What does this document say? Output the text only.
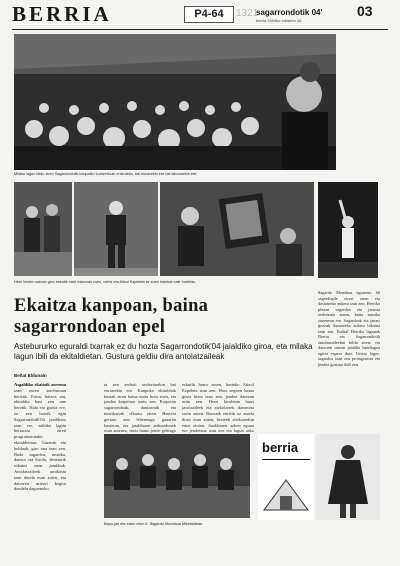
BERRIA	P4-64	1321
sagarrondotik 04'
berria 2004ko irailaren 16
03
Milaka lagun bildu ziren Sagarrondotik kanpaiko kontzertuak entzuteko, bai euriarekin ere bai lainoarekin ere.
Herri kirolen saioan gizo eskutik harri eskuratu zuen, nahiz eta Aitzol Ezpeleta ez zuen hainbat zale hurbildu.
Ekaitza kanpoan, baina sagarrondoan epel
Astebururko eguraldi txarrak ez du hozta Sagarrondotik'04 jaialdiko giroa, eta milaka lagun ibili da ekitaldietan. Gustura geldiu dira antolatzaileak
Sagardo Mondaua egunean, 60 sagardogile etorri ziren eta dastatzeko aukera izan zen. Herriko plazan sagardoa eta janaria zerbitzatu zuten, baita musika zuzenean ere. Sagardoak eta janari gozoak dastatzeko aukera bikaina izan zen. Euskal Herriko lagunak Berria eta Sagarrondotik antolatzaileekin bildu ziren; eta datorren urtean jaialdia handiagoa egitea espero dute. Urtero legez, sagardoa izan zen protagonista eta jendea gustura ibili zen.
Beñat Eldunain
Asgaldiko ekaitzik zorrena izan zuten asteburuan herriak. Euria, haizea eta, ekitaldia hasi zen une beretik. Hala eta guztiz ere, ez zen hotzik egin Sagarrondotik'04 jaialdian; izan ere, milaka lagun bertaratu ziren programatutako ekitaldietara. Gazteak eta helduak, giro ona izan zen. Bada sagardoa, musika, dantza eta kirola, denetarik eskaini zuen jaialdiak. Antolatzaileek arrakasta izan dutela esan zuten, eta datorren urteari begira daudela dagoeneko.
ta zen zerbait ondoriarekin bai euriarekin ere. Kanpoko ekitaldiak hasiak ziren baina euria bota zuen, eta jendea karpetara sartu zen. Karpetan sagarrondoak, dantzariak eta musikariak elkartu ziren. Hasiera gertatu zen lehenengo gauaren hasieran, eta jaialdiaren arduradunek esan zutenez, inoiz baino jende gehiago
eskutik hartu zuten, hasteko Aitzol Ezpeleta izan zen. Hotz zegoen baina giroa bizia izan zen; jendea dantzan aritu zen. Herri kiroletan harri jasotzaileek eta aizkolariek ikusmina sortu zuten. Batzuek euririk ez zutela ikusi esan zuten, besteek aterkiarekin eutsi zioten. Jaialdiaren azken eguna ere jendetsua izan zen eta lagun asko
berria
Bapo-jan eta edan ziren II. Sagardo Mondaua Mikelaldean.
